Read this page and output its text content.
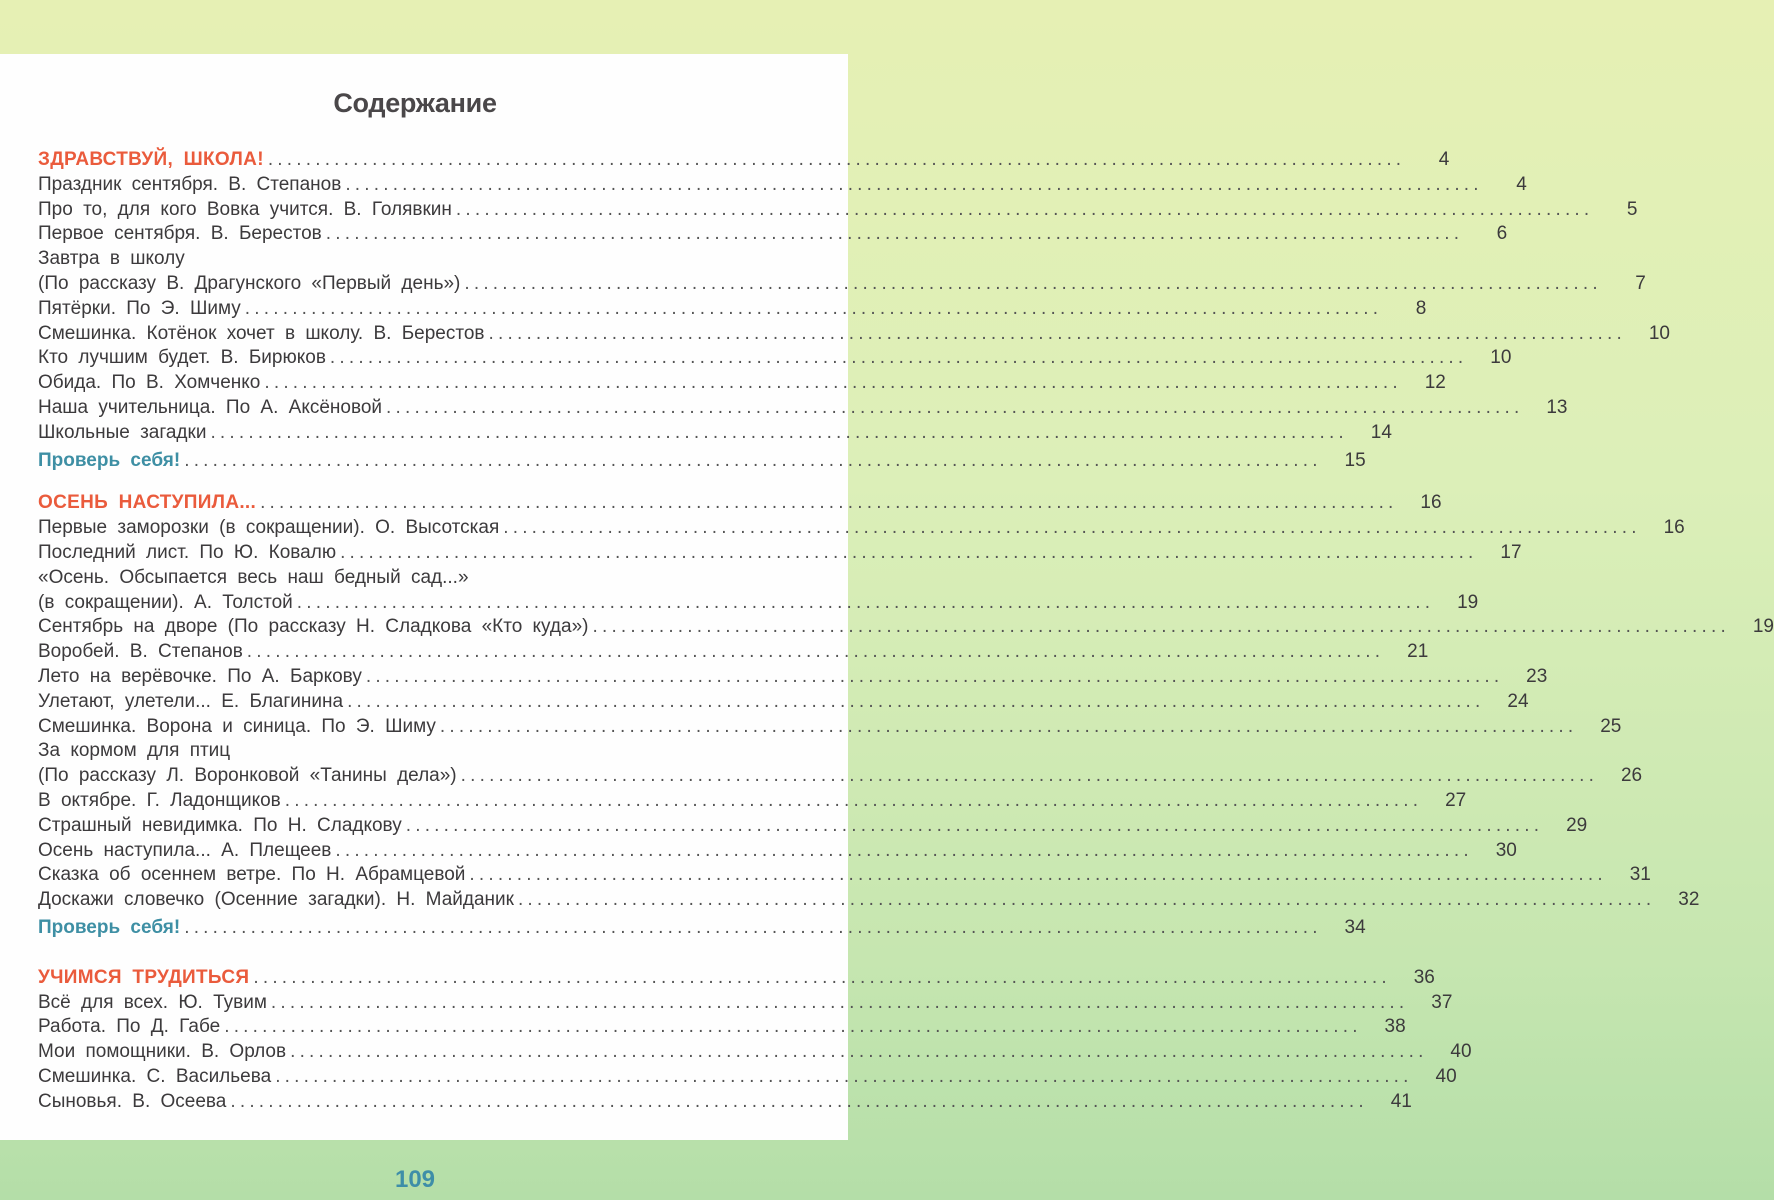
Содержание
ЗДРАВСТВУЙ, ШКОЛА! ........................................................................................................................	4
Праздник сентября. В. Степанов ........................................................................................................................	4
Про то, для кого Вовка учится. В. Голявкин ........................................................................................................................	5
Первое сентября. В. Берестов ........................................................................................................................	6
Завтра в школу
(По рассказу В. Драгунского «Первый день») ........................................................................................................................	7
Пятёрки. По Э. Шиму ........................................................................................................................	8
Смешинка. Котёнок хочет в школу. В. Берестов ........................................................................................................................	10
Кто лучшим будет. В. Бирюков ........................................................................................................................	10
Обида. По В. Хомченко ........................................................................................................................	12
Наша учительница. По А. Аксёновой ........................................................................................................................	13
Школьные загадки ........................................................................................................................	14
Проверь себя! ........................................................................................................................	15
ОСЕНЬ НАСТУПИЛА... ........................................................................................................................	16
Первые заморозки (в сокращении). О. Высотская ........................................................................................................................	16
Последний лист. По Ю. Ковалю ........................................................................................................................	17
«Осень. Обсыпается весь наш бедный сад...»
(в сокращении). А. Толстой ........................................................................................................................	19
Сентябрь на дворе (По рассказу Н. Сладкова «Кто куда») ........................................................................................................................	19
Воробей. В. Степанов ........................................................................................................................	21
Лето на верёвочке. По А. Баркову ........................................................................................................................	23
Улетают, улетели... Е. Благинина ........................................................................................................................	24
Смешинка. Ворона и синица. По Э. Шиму ........................................................................................................................	25
За кормом для птиц
(По рассказу Л. Воронковой «Танины дела») ........................................................................................................................	26
В октябре. Г. Ладонщиков ........................................................................................................................	27
Страшный невидимка. По Н. Сладкову ........................................................................................................................	29
Осень наступила... А. Плещеев ........................................................................................................................	30
Сказка об осеннем ветре. По Н. Абрамцевой ........................................................................................................................	31
Доскажи словечко (Осенние загадки). Н. Майданик ........................................................................................................................	32
Проверь себя! ........................................................................................................................	34
УЧИМСЯ ТРУДИТЬСЯ ........................................................................................................................	36
Всё для всех. Ю. Тувим ........................................................................................................................	37
Работа. По Д. Габе ........................................................................................................................	38
Мои помощники. В. Орлов ........................................................................................................................	40
Смешинка. С. Васильева ........................................................................................................................	40
Сыновья. В. Осеева ........................................................................................................................	41
109
